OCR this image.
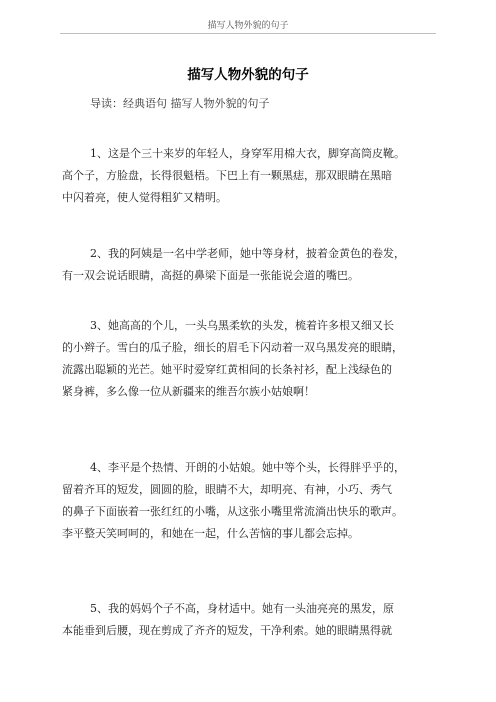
描写人物外貌的句子
描写人物外貌的句子
导读：经典语句 描写人物外貌的句子
1、这是个三十来岁的年轻人，身穿军用棉大衣，脚穿高筒皮靴。
高个子，方脸盘，长得很魁梧。下巴上有一颗黑痣，那双眼睛在黑暗
中闪着亮，使人觉得粗犷又精明。
2、我的阿姨是一名中学老师，她中等身材，披着金黄色的卷发，
有一双会说话眼睛，高挺的鼻梁下面是一张能说会道的嘴巴。
3、她高高的个儿，一头乌黑柔软的头发，梳着许多根又细又长
的小辫子。雪白的瓜子脸，细长的眉毛下闪动着一双乌黑发亮的眼睛，
流露出聪颖的光芒。她平时爱穿红黄相间的长条衬衫，配上浅绿色的
紧身裤，多么像一位从新疆来的维吾尔族小姑娘啊！
4、李平是个热情、开朗的小姑娘。她中等个头，长得胖乎乎的，
留着齐耳的短发，圆圆的脸，眼睛不大，却明亮、有神，小巧、秀气
的鼻子下面嵌着一张红红的小嘴，从这张小嘴里常流淌出快乐的歌声。
李平整天笑呵呵的，和她在一起，什么苦恼的事儿都会忘掉。
5、我的妈妈个子不高，身材适中。她有一头油亮亮的黑发，原
本能垂到后腰，现在剪成了齐齐的短发，干净利索。她的眼睛黑得就
